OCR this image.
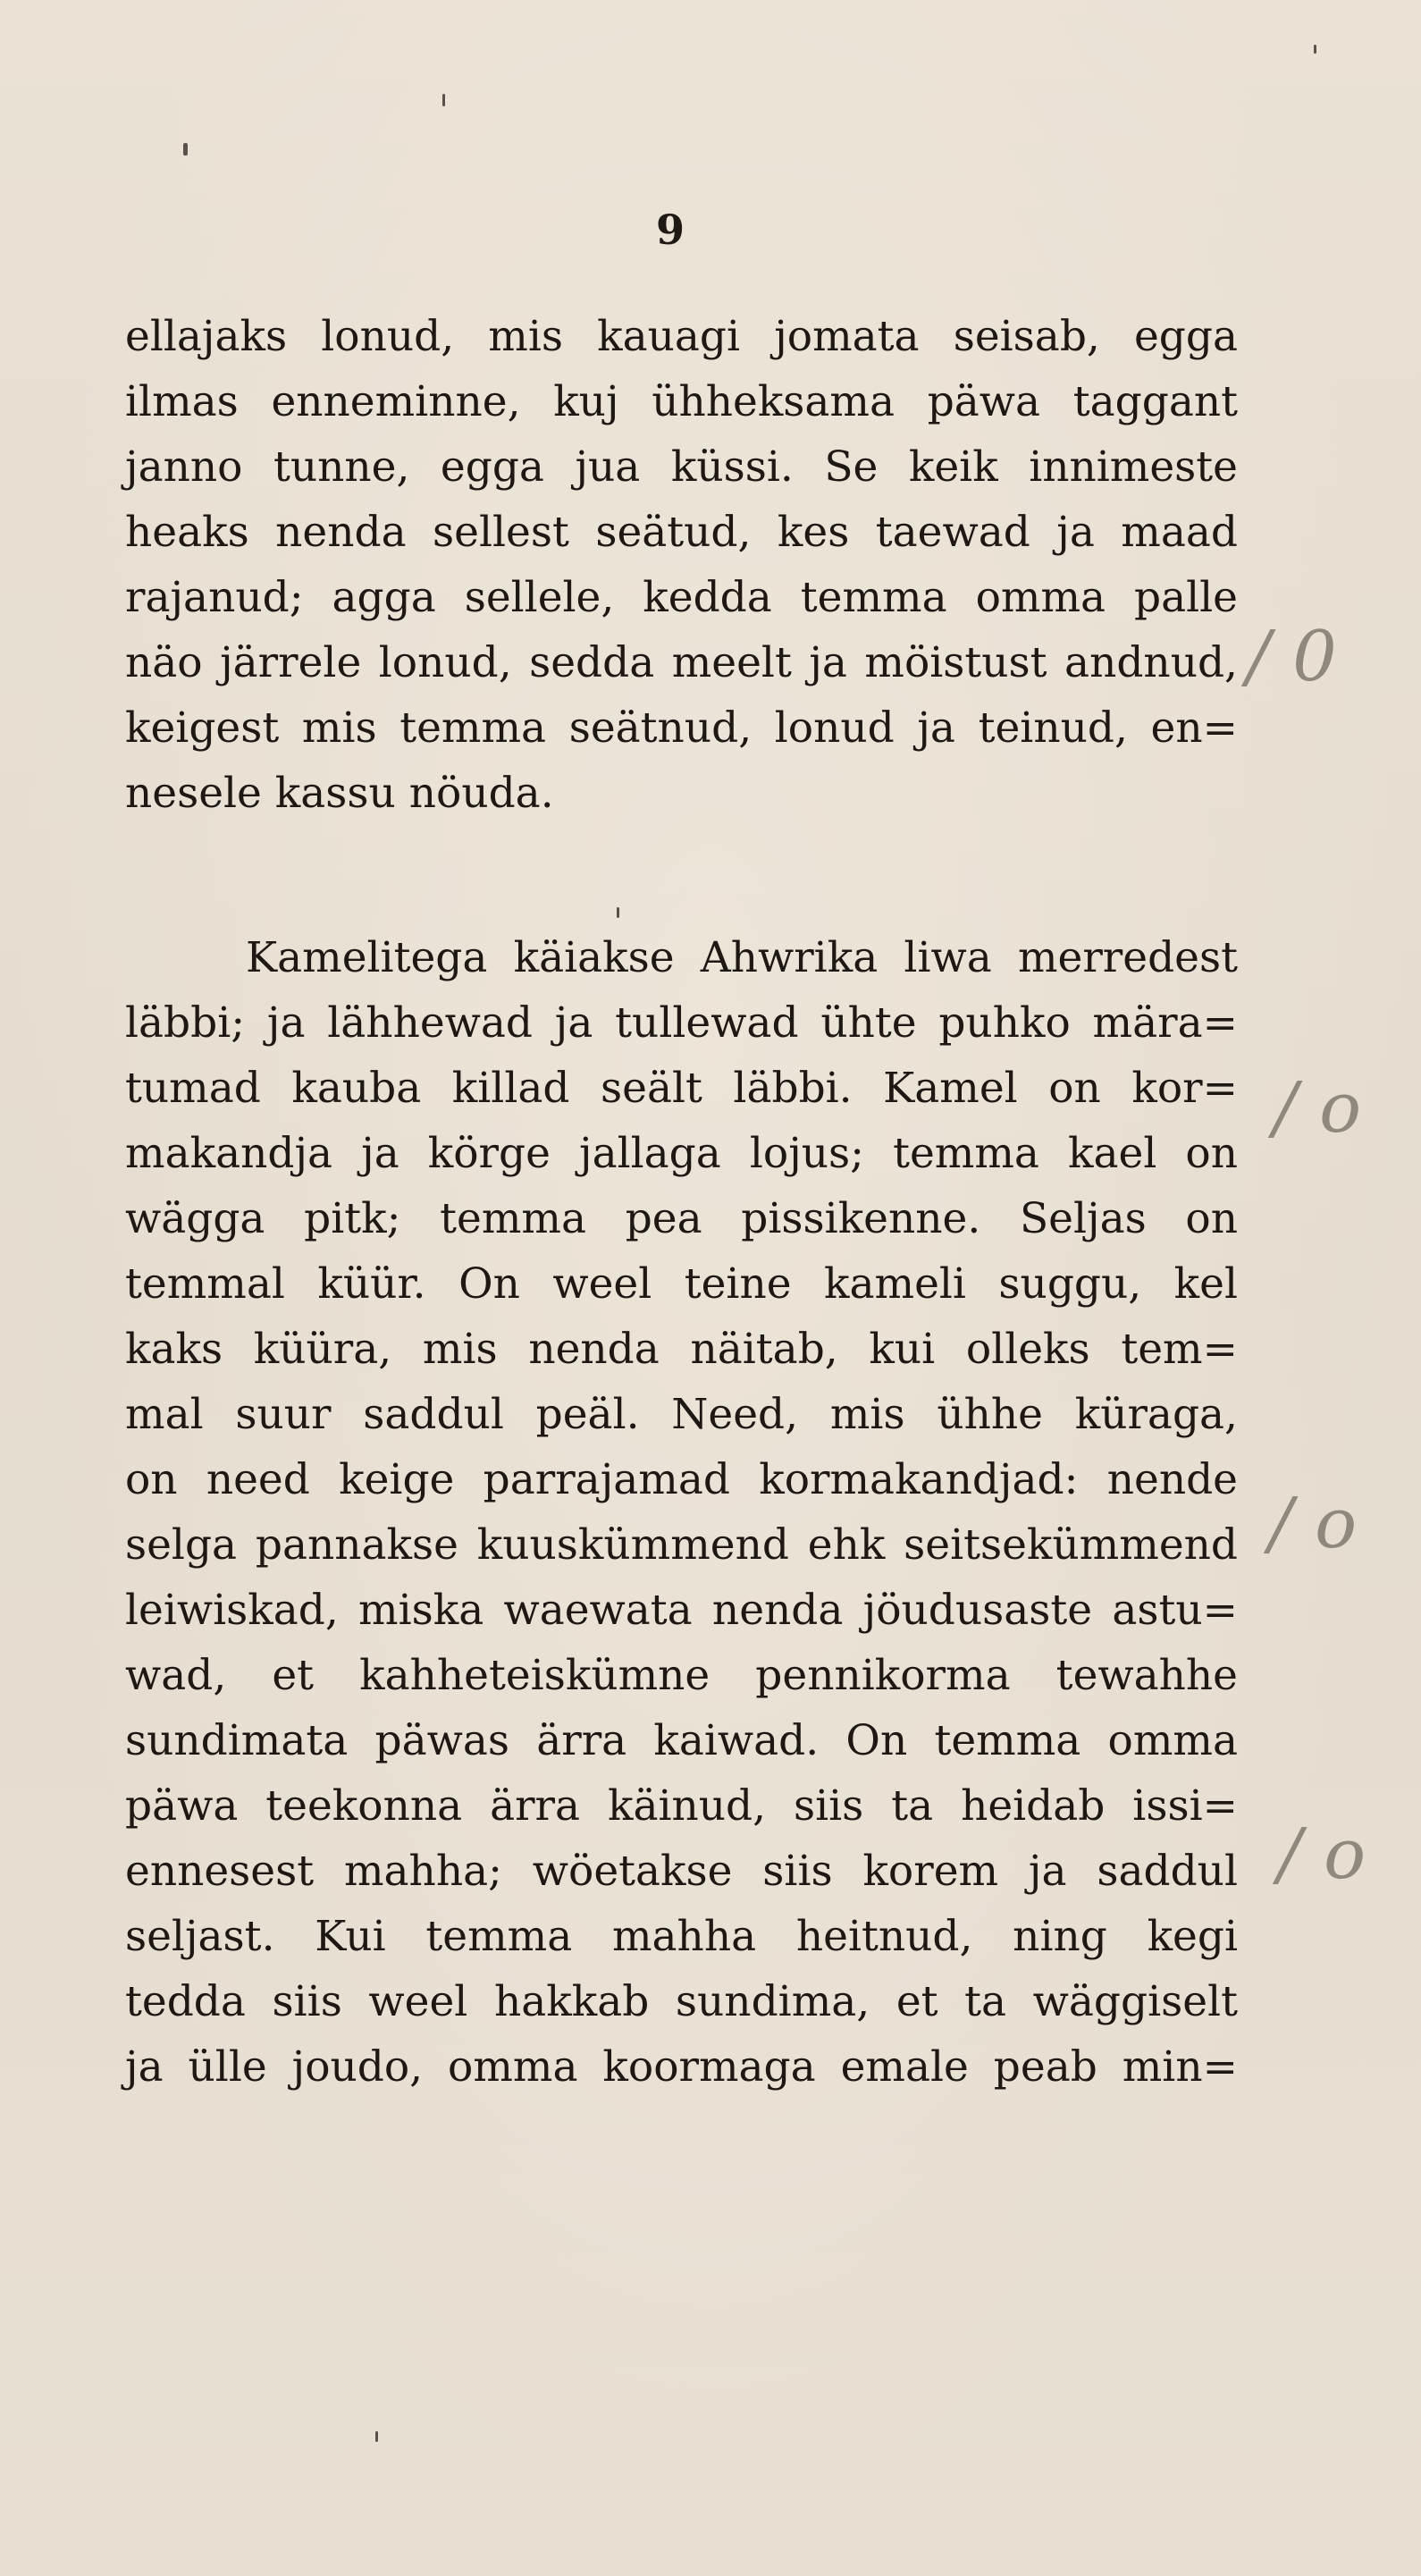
9
ellajaks lonud, mis kauagi jomata seisab, egga
ilmas enneminne, kuj ühheksama päwa taggant
janno tunne, egga jua küssi. Se keik innimeste
heaks nenda sellest seätud, kes taewad ja maad
rajanud; agga sellele, kedda temma omma palle
näo järrele lonud, sedda meelt ja möistust andnud,
keigest mis temma seätnud, lonud ja teinud, en=
nesele kassu nöuda.
Kamelitega käiakse Ahwrika liwa merredest
läbbi; ja lähhewad ja tullewad ühte puhko mära=
tumad kauba killad seält läbbi. Kamel on kor=
makandja ja körge jallaga lojus; temma kael on
wägga pitk; temma pea pissikenne. Seljas on
temmal küür. On weel teine kameli suggu, kel
kaks küüra, mis nenda näitab, kui olleks tem=
mal suur saddul peäl. Need, mis ühhe küraga,
on need keige parrajamad kormakandjad: nende
selga pannakse kuuskümmend ehk seitsekümmend
leiwiskad, miska waewata nenda jöudusaste astu=
wad, et kahheteiskümne pennikorma tewahhe
sundimata päwas ärra kaiwad. On temma omma
päwa teekonna ärra käinud, siis ta heidab issi=
ennesest mahha; wöetakse siis korem ja saddul
seljast. Kui temma mahha heitnud, ning kegi
tedda siis weel hakkab sundima, et ta wäggiselt
ja ülle joudo, omma koormaga emale peab min=
/ 0
/ o
/ o
/ o
